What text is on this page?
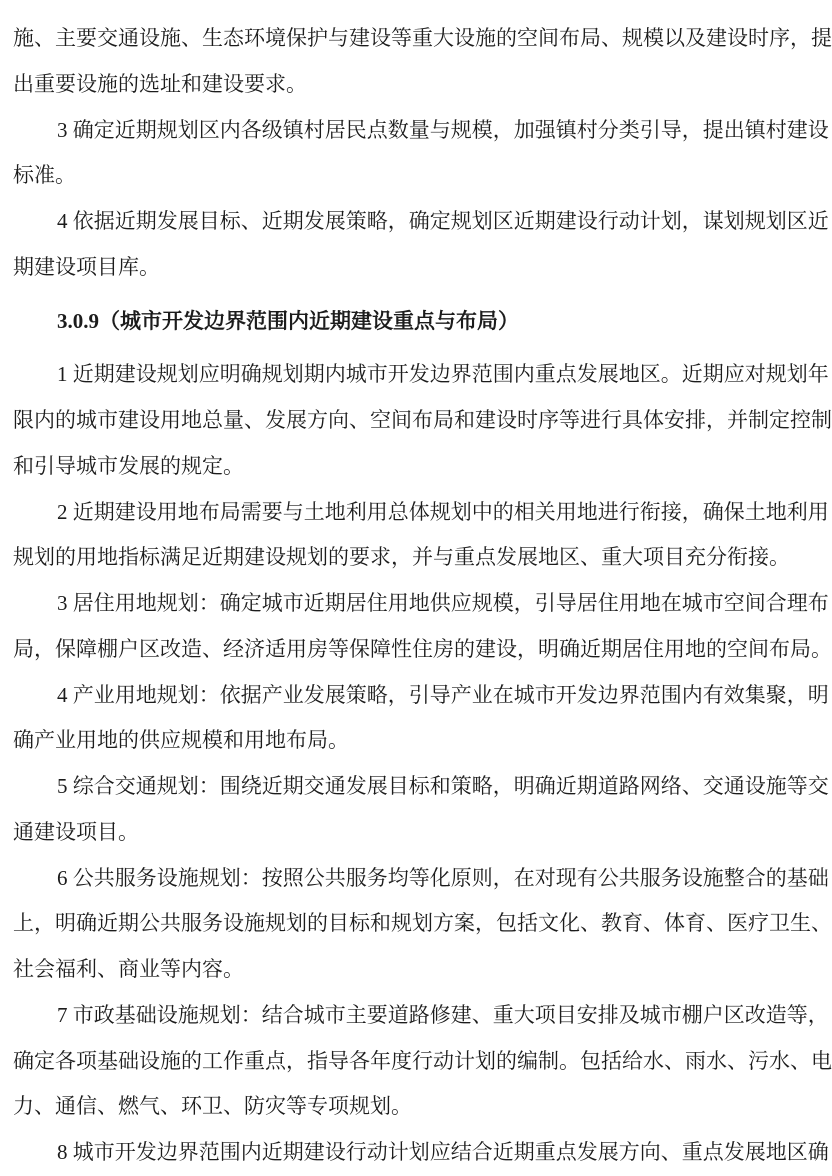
施、主要交通设施、生态环境保护与建设等重大设施的空间布局、规模以及建设时序，提
出重要设施的选址和建设要求。
3 确定近期规划区内各级镇村居民点数量与规模，加强镇村分类引导，提出镇村建设
标准。
4 依据近期发展目标、近期发展策略，确定规划区近期建设行动计划，谋划规划区近
期建设项目库。
3.0.9（城市开发边界范围内近期建设重点与布局）
1 近期建设规划应明确规划期内城市开发边界范围内重点发展地区。近期应对规划年
限内的城市建设用地总量、发展方向、空间布局和建设时序等进行具体安排，并制定控制
和引导城市发展的规定。
2 近期建设用地布局需要与土地利用总体规划中的相关用地进行衔接，确保土地利用
规划的用地指标满足近期建设规划的要求，并与重点发展地区、重大项目充分衔接。
3 居住用地规划：确定城市近期居住用地供应规模，引导居住用地在城市空间合理布
局，保障棚户区改造、经济适用房等保障性住房的建设，明确近期居住用地的空间布局。
4 产业用地规划：依据产业发展策略，引导产业在城市开发边界范围内有效集聚，明
确产业用地的供应规模和用地布局。
5 综合交通规划：围绕近期交通发展目标和策略，明确近期道路网络、交通设施等交
通建设项目。
6 公共服务设施规划：按照公共服务均等化原则，在对现有公共服务设施整合的基础
上，明确近期公共服务设施规划的目标和规划方案，包括文化、教育、体育、医疗卫生、
社会福利、商业等内容。
7 市政基础设施规划：结合城市主要道路修建、重大项目安排及城市棚户区改造等，
确定各项基础设施的工作重点，指导各年度行动计划的编制。包括给水、雨水、污水、电
力、通信、燃气、环卫、防灾等专项规划。
8 城市开发边界范围内近期建设行动计划应结合近期重点发展方向、重点发展地区确
